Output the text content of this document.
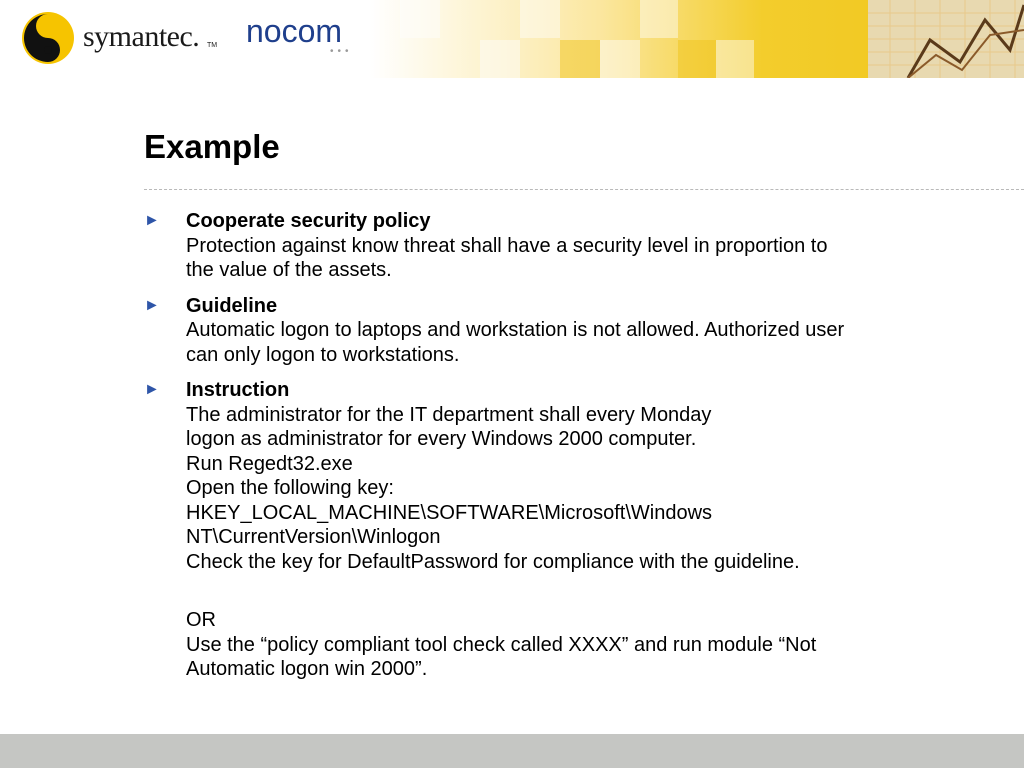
symantec. TM nocom
•••
Example
► Cooperate security policy
Protection against know threat shall have a security level in proportion to
the value of the assets.
► Guideline
Automatic logon to laptops and workstation is not allowed. Authorized user
can only logon to workstations.
► Instruction
The administrator for the IT department shall every Monday
logon as administrator for every Windows 2000 computer.
Run Regedt32.exe
Open the following key:
HKEY_LOCAL_MACHINE\SOFTWARE\Microsoft\Windows
NT\CurrentVersion\Winlogon
Check the key for DefaultPassword for compliance with the guideline.
OR
Use the “policy compliant tool check called XXXX” and run module “Not
Automatic logon win 2000”.
